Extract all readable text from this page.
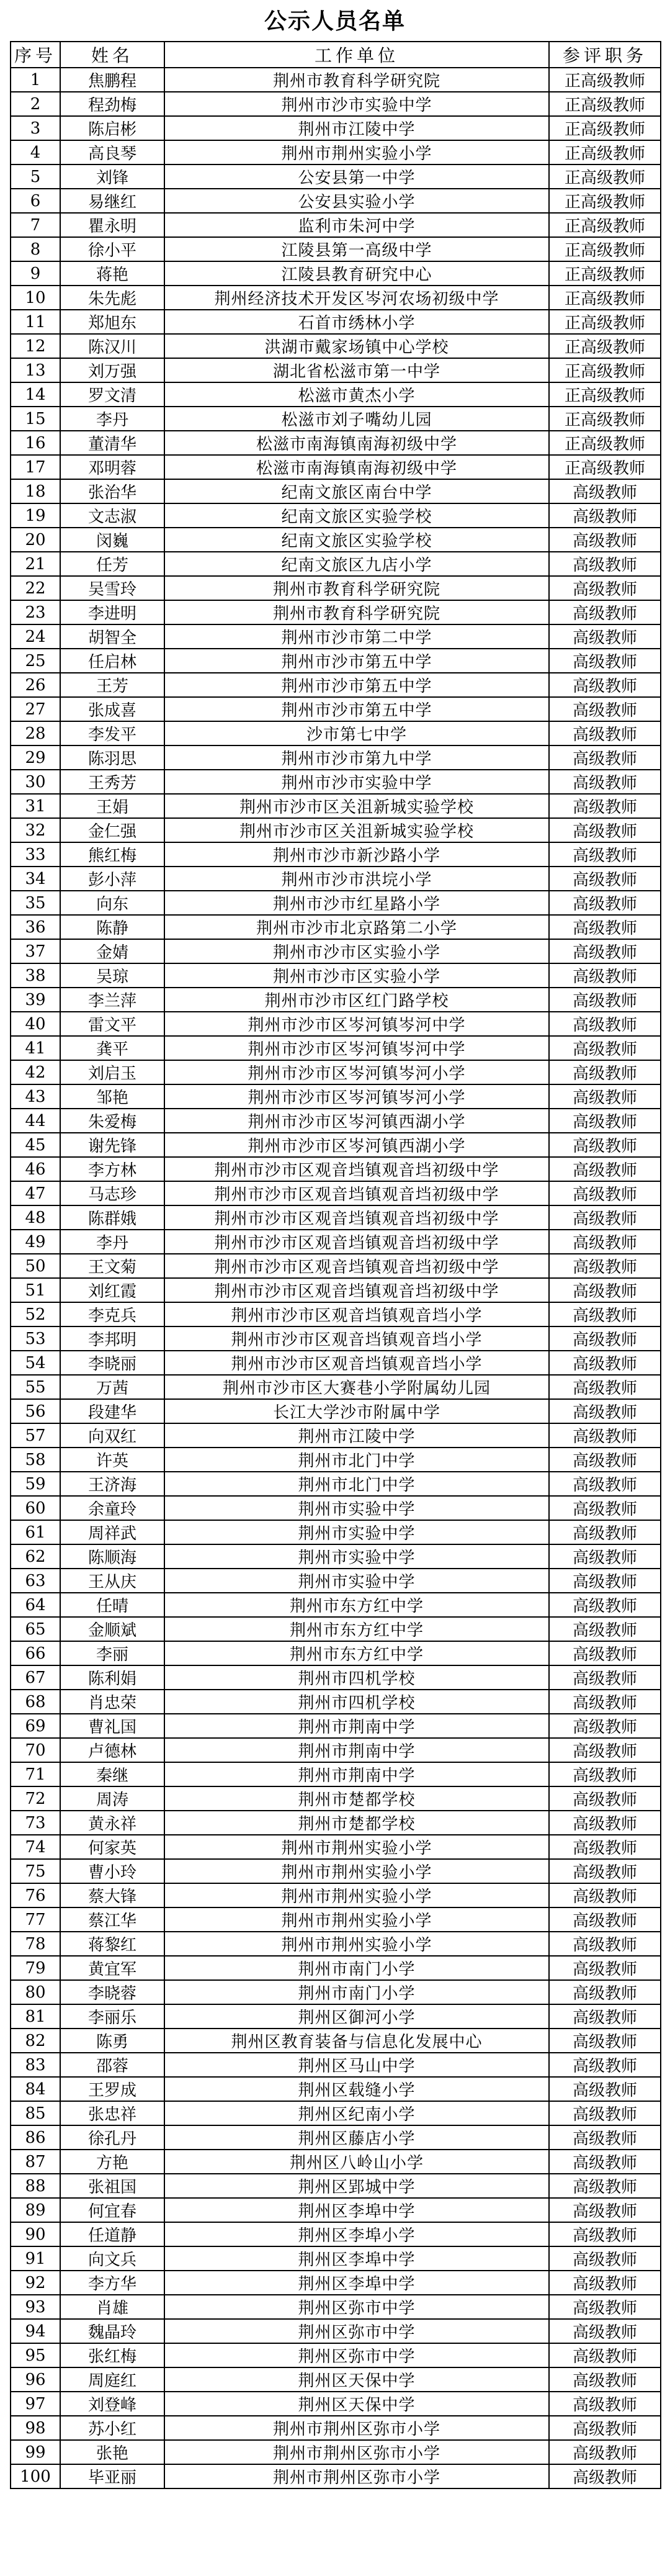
公示人员名单
序号	姓名	工作单位	参评职务
1	焦鹏程	荆州市教育科学研究院	正高级教师
2	程劲梅	荆州市沙市实验中学	正高级教师
3	陈启彬	荆州市江陵中学	正高级教师
4	高良琴	荆州市荆州实验小学	正高级教师
5	刘锋	公安县第一中学	正高级教师
6	易继红	公安县实验小学	正高级教师
7	瞿永明	监利市朱河中学	正高级教师
8	徐小平	江陵县第一高级中学	正高级教师
9	蒋艳	江陵县教育研究中心	正高级教师
10	朱先彪	荆州经济技术开发区岑河农场初级中学	正高级教师
11	郑旭东	石首市绣林小学	正高级教师
12	陈汉川	洪湖市戴家场镇中心学校	正高级教师
13	刘万强	湖北省松滋市第一中学	正高级教师
14	罗文清	松滋市黄杰小学	正高级教师
15	李丹	松滋市刘子嘴幼儿园	正高级教师
16	董清华	松滋市南海镇南海初级中学	正高级教师
17	邓明蓉	松滋市南海镇南海初级中学	正高级教师
18	张治华	纪南文旅区南台中学	高级教师
19	文志淑	纪南文旅区实验学校	高级教师
20	闵巍	纪南文旅区实验学校	高级教师
21	任芳	纪南文旅区九店小学	高级教师
22	吴雪玲	荆州市教育科学研究院	高级教师
23	李进明	荆州市教育科学研究院	高级教师
24	胡智全	荆州市沙市第二中学	高级教师
25	任启林	荆州市沙市第五中学	高级教师
26	王芳	荆州市沙市第五中学	高级教师
27	张成喜	荆州市沙市第五中学	高级教师
28	李发平	沙市第七中学	高级教师
29	陈羽思	荆州市沙市第九中学	高级教师
30	王秀芳	荆州市沙市实验中学	高级教师
31	王娟	荆州市沙市区关沮新城实验学校	高级教师
32	金仁强	荆州市沙市区关沮新城实验学校	高级教师
33	熊红梅	荆州市沙市新沙路小学	高级教师
34	彭小萍	荆州市沙市洪垸小学	高级教师
35	向东	荆州市沙市红星路小学	高级教师
36	陈静	荆州市沙市北京路第二小学	高级教师
37	金婧	荆州市沙市区实验小学	高级教师
38	吴琼	荆州市沙市区实验小学	高级教师
39	李兰萍	荆州市沙市区红门路学校	高级教师
40	雷文平	荆州市沙市区岑河镇岑河中学	高级教师
41	龚平	荆州市沙市区岑河镇岑河中学	高级教师
42	刘启玉	荆州市沙市区岑河镇岑河小学	高级教师
43	邹艳	荆州市沙市区岑河镇岑河小学	高级教师
44	朱爱梅	荆州市沙市区岑河镇西湖小学	高级教师
45	谢先锋	荆州市沙市区岑河镇西湖小学	高级教师
46	李方林	荆州市沙市区观音垱镇观音垱初级中学	高级教师
47	马志珍	荆州市沙市区观音垱镇观音垱初级中学	高级教师
48	陈群娥	荆州市沙市区观音垱镇观音垱初级中学	高级教师
49	李丹	荆州市沙市区观音垱镇观音垱初级中学	高级教师
50	王文菊	荆州市沙市区观音垱镇观音垱初级中学	高级教师
51	刘红霞	荆州市沙市区观音垱镇观音垱初级中学	高级教师
52	李克兵	荆州市沙市区观音垱镇观音垱小学	高级教师
53	李邦明	荆州市沙市区观音垱镇观音垱小学	高级教师
54	李晓丽	荆州市沙市区观音垱镇观音垱小学	高级教师
55	万茜	荆州市沙市区大赛巷小学附属幼儿园	高级教师
56	段建华	长江大学沙市附属中学	高级教师
57	向双红	荆州市江陵中学	高级教师
58	许英	荆州市北门中学	高级教师
59	王济海	荆州市北门中学	高级教师
60	余童玲	荆州市实验中学	高级教师
61	周祥武	荆州市实验中学	高级教师
62	陈顺海	荆州市实验中学	高级教师
63	王从庆	荆州市实验中学	高级教师
64	任晴	荆州市东方红中学	高级教师
65	金顺斌	荆州市东方红中学	高级教师
66	李丽	荆州市东方红中学	高级教师
67	陈利娟	荆州市四机学校	高级教师
68	肖忠荣	荆州市四机学校	高级教师
69	曹礼国	荆州市荆南中学	高级教师
70	卢德林	荆州市荆南中学	高级教师
71	秦继	荆州市荆南中学	高级教师
72	周涛	荆州市楚都学校	高级教师
73	黄永祥	荆州市楚都学校	高级教师
74	何家英	荆州市荆州实验小学	高级教师
75	曹小玲	荆州市荆州实验小学	高级教师
76	蔡大锋	荆州市荆州实验小学	高级教师
77	蔡江华	荆州市荆州实验小学	高级教师
78	蒋黎红	荆州市荆州实验小学	高级教师
79	黄宜军	荆州市南门小学	高级教师
80	李晓蓉	荆州市南门小学	高级教师
81	李丽乐	荆州区御河小学	高级教师
82	陈勇	荆州区教育装备与信息化发展中心	高级教师
83	邵蓉	荆州区马山中学	高级教师
84	王罗成	荆州区载缝小学	高级教师
85	张忠祥	荆州区纪南小学	高级教师
86	徐孔丹	荆州区藤店小学	高级教师
87	方艳	荆州区八岭山小学	高级教师
88	张祖国	荆州区郢城中学	高级教师
89	何宜春	荆州区李埠中学	高级教师
90	任道静	荆州区李埠小学	高级教师
91	向文兵	荆州区李埠中学	高级教师
92	李方华	荆州区李埠中学	高级教师
93	肖雄	荆州区弥市中学	高级教师
94	魏晶玲	荆州区弥市中学	高级教师
95	张红梅	荆州区弥市中学	高级教师
96	周庭红	荆州区天保中学	高级教师
97	刘登峰	荆州区天保中学	高级教师
98	苏小红	荆州市荆州区弥市小学	高级教师
99	张艳	荆州市荆州区弥市小学	高级教师
100	毕亚丽	荆州市荆州区弥市小学	高级教师
